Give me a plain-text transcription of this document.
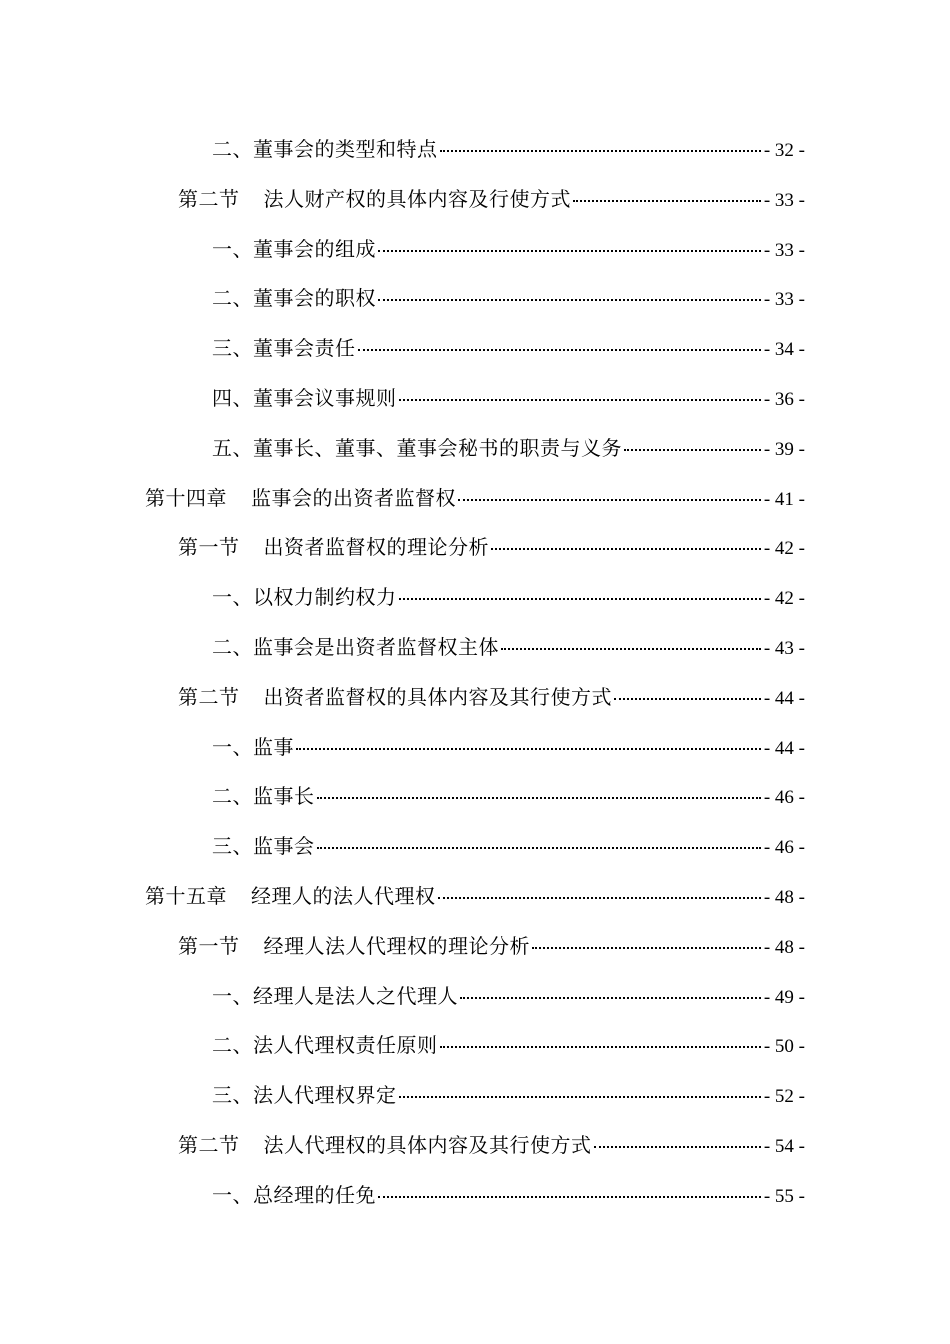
二、董事会的类型和特点	- 32 -
第二节 法人财产权的具体内容及行使方式	- 33 -
一、董事会的组成	- 33 -
二、董事会的职权	- 33 -
三、董事会责任	- 34 -
四、董事会议事规则	- 36 -
五、董事长、董事、董事会秘书的职责与义务	- 39 -
第十四章 监事会的出资者监督权	- 41 -
第一节 出资者监督权的理论分析	- 42 -
一、以权力制约权力	- 42 -
二、监事会是出资者监督权主体	- 43 -
第二节 出资者监督权的具体内容及其行使方式	- 44 -
一、监事	- 44 -
二、监事长	- 46 -
三、监事会	- 46 -
第十五章 经理人的法人代理权	- 48 -
第一节 经理人法人代理权的理论分析	- 48 -
一、经理人是法人之代理人	- 49 -
二、法人代理权责任原则	- 50 -
三、法人代理权界定	- 52 -
第二节 法人代理权的具体内容及其行使方式	- 54 -
一、总经理的任免	- 55 -
